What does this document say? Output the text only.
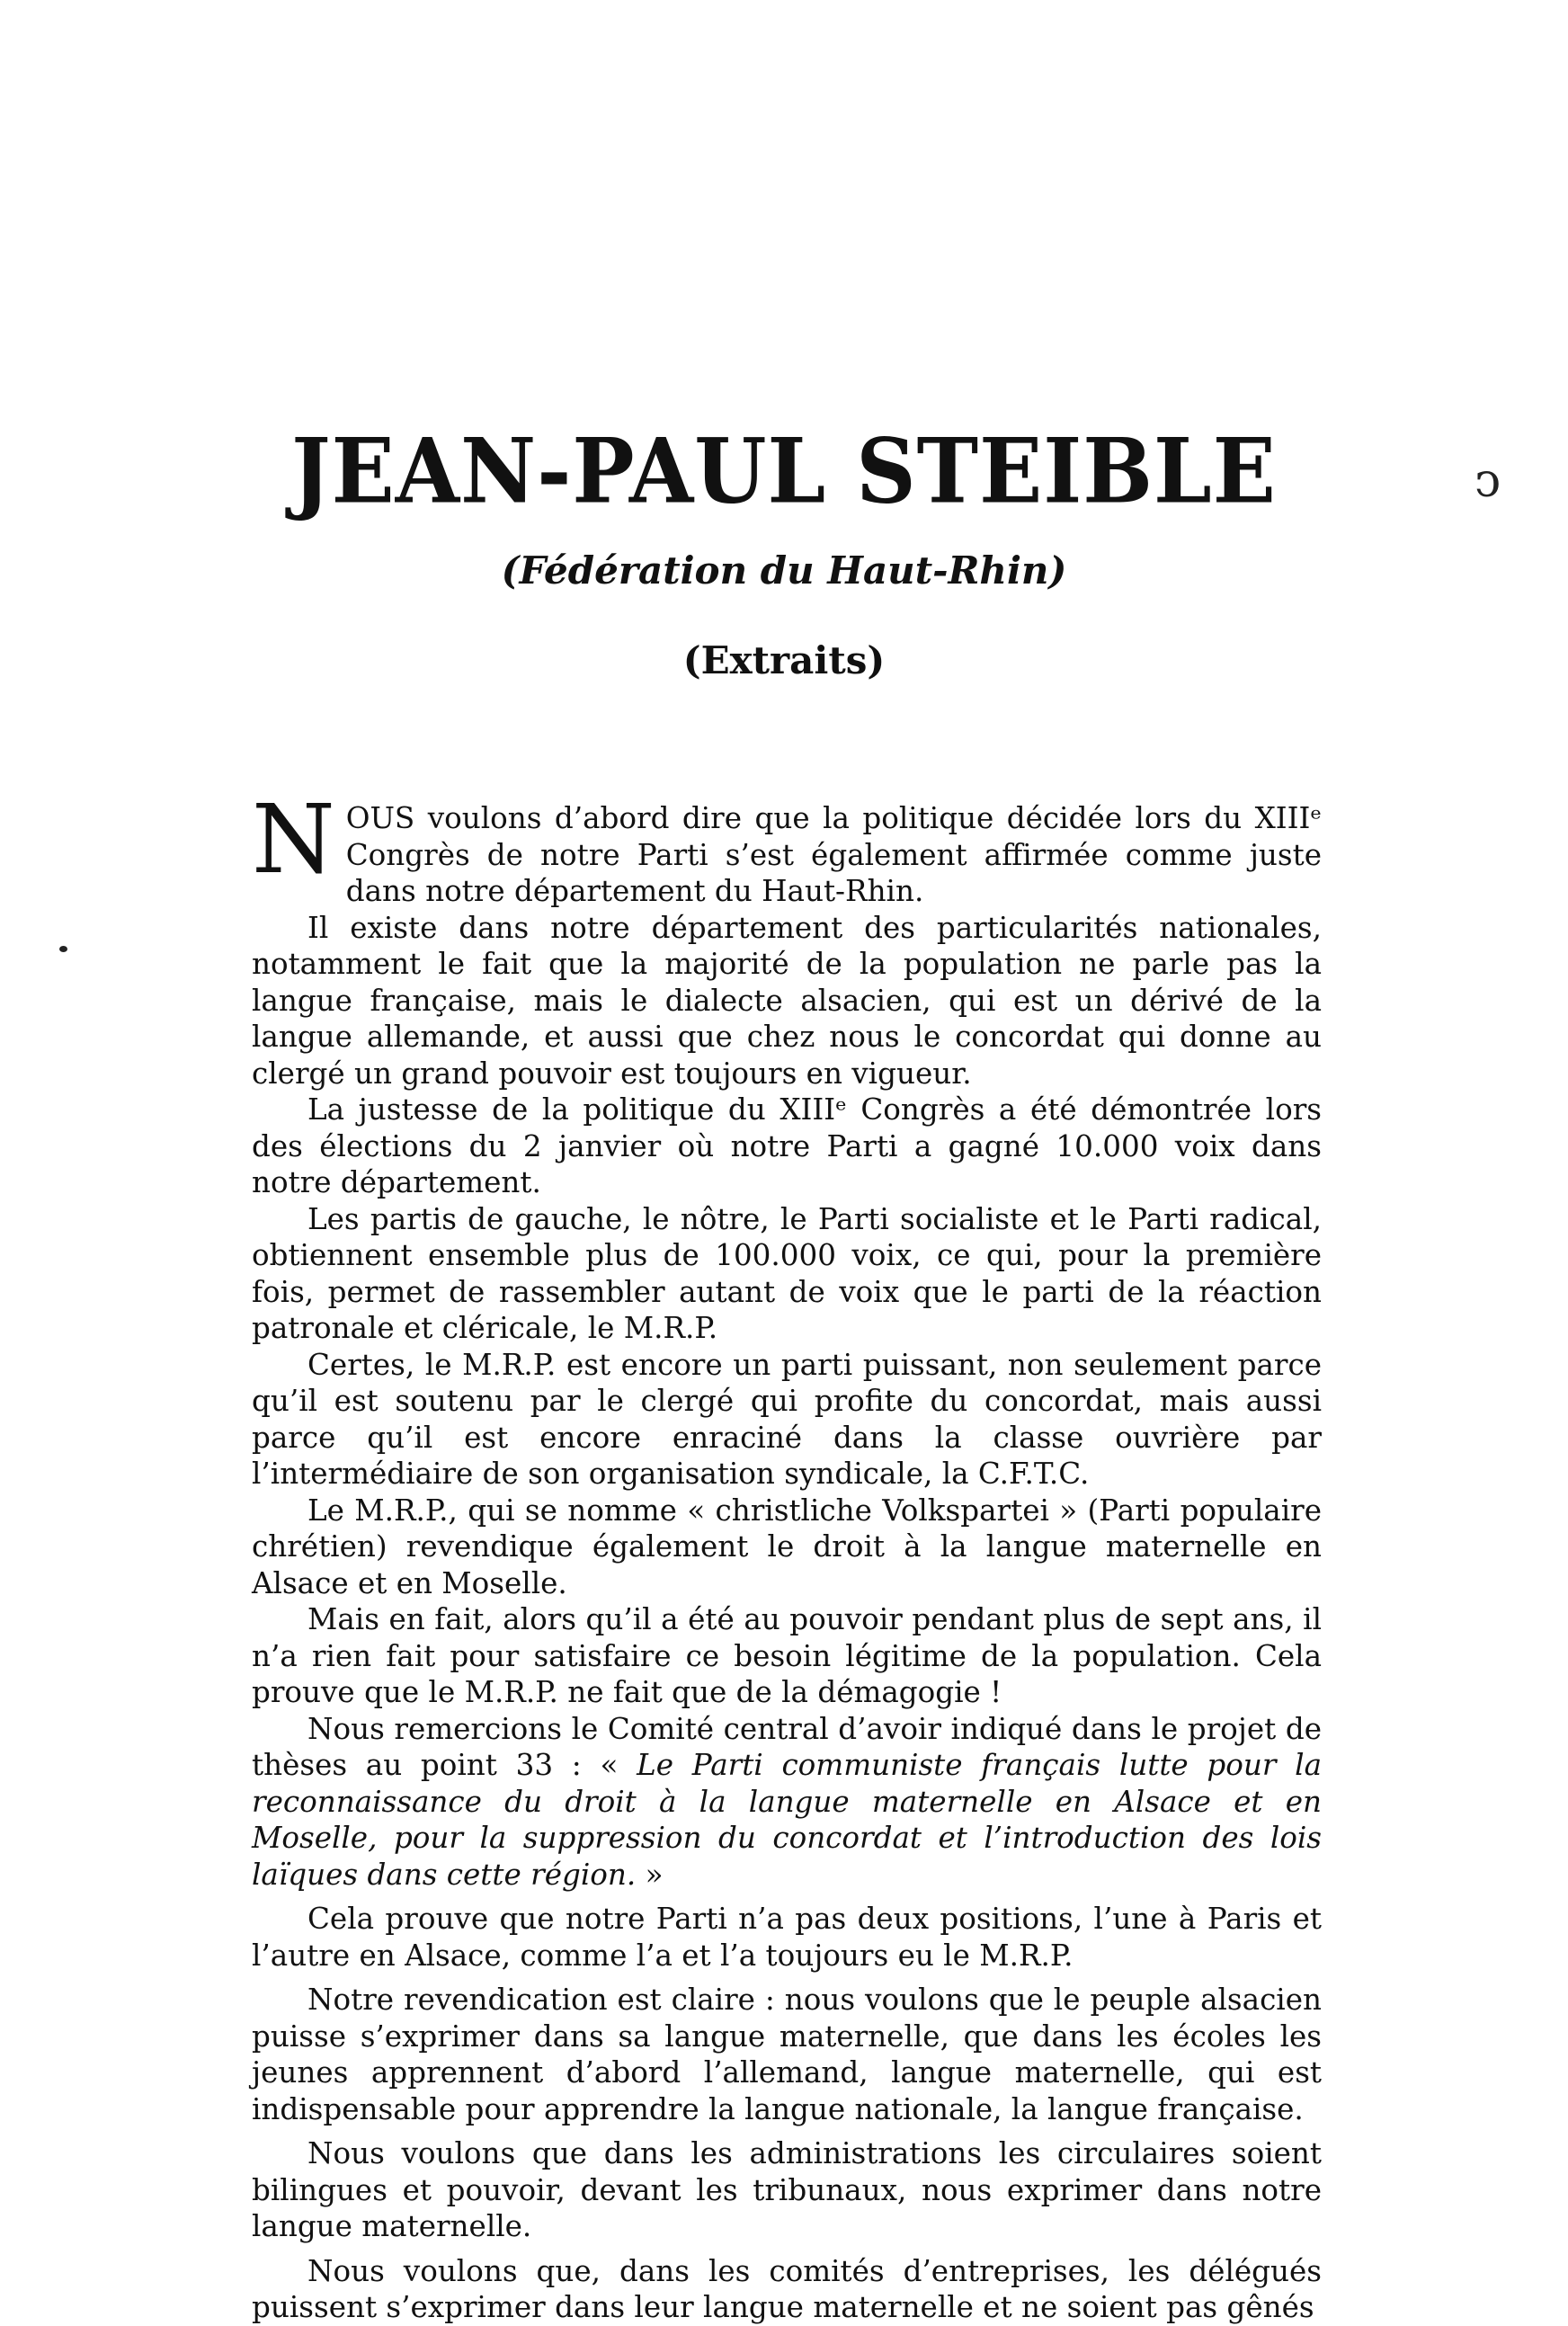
JEAN-PAUL STEIBLE
(Fédération du Haut-Rhin)
(Extraits)
ↄ

NOUS voulons d’abord dire que la politique décidée lors du XIIIᵉ Congrès de notre Parti s’est également affirmée comme juste dans notre département du Haut-Rhin.

Il existe dans notre département des particularités nationales, notamment le fait que la majorité de la population ne parle pas la langue française, mais le dialecte alsacien, qui est un dérivé de la langue allemande, et aussi que chez nous le concordat qui donne au clergé un grand pouvoir est toujours en vigueur.

La justesse de la politique du XIIIᵉ Congrès a été démontrée lors des élections du 2 janvier où notre Parti a gagné 10.000 voix dans notre département.

Les partis de gauche, le nôtre, le Parti socialiste et le Parti radical, obtiennent ensemble plus de 100.000 voix, ce qui, pour la première fois, permet de rassembler autant de voix que le parti de la réaction patronale et cléricale, le M.R.P.

Certes, le M.R.P. est encore un parti puissant, non seulement parce qu’il est soutenu par le clergé qui profite du concordat, mais aussi parce qu’il est encore enraciné dans la classe ouvrière par l’intermédiaire de son organisation syndicale, la C.F.T.C.

Le M.R.P., qui se nomme « christliche Volkspartei » (Parti populaire chrétien) revendique également le droit à la langue maternelle en Alsace et en Moselle.

Mais en fait, alors qu’il a été au pouvoir pendant plus de sept ans, il n’a rien fait pour satisfaire ce besoin légitime de la population. Cela prouve que le M.R.P. ne fait que de la démagogie !

Nous remercions le Comité central d’avoir indiqué dans le projet de thèses au point 33 : « Le Parti communiste français lutte pour la reconnaissance du droit à la langue maternelle en Alsace et en Moselle, pour la suppression du concordat et l’introduction des lois laïques dans cette région. »

Cela prouve que notre Parti n’a pas deux positions, l’une à Paris et l’autre en Alsace, comme l’a et l’a toujours eu le M.R.P.

Notre revendication est claire : nous voulons que le peuple alsacien puisse s’exprimer dans sa langue maternelle, que dans les écoles les jeunes apprennent d’abord l’allemand, langue maternelle, qui est indispensable pour apprendre la langue nationale, la langue française.

Nous voulons que dans les administrations les circulaires soient bilingues et pouvoir, devant les tribunaux, nous exprimer dans notre langue maternelle.

Nous voulons que, dans les comités d’entreprises, les délégués puissent s’exprimer dans leur langue maternelle et ne soient pas gênés
